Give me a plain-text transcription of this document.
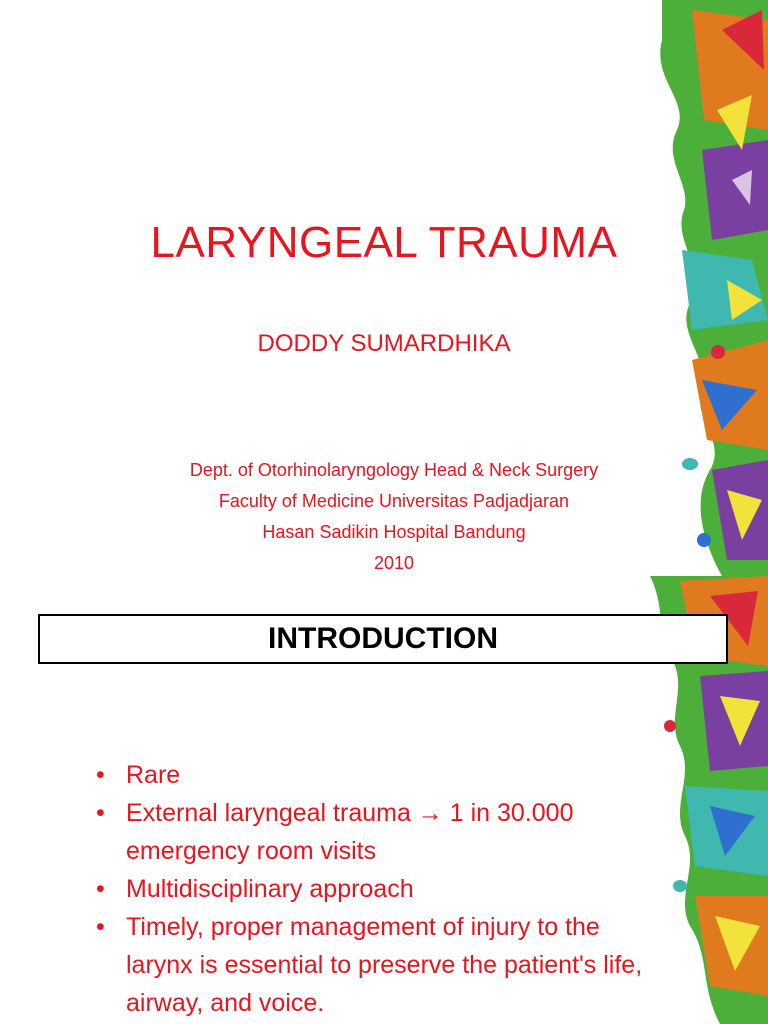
LARYNGEAL TRAUMA

DODDY SUMARDHIKA

Dept. of Otorhinolaryngology Head & Neck Surgery
Faculty of Medicine Universitas Padjadjaran
Hasan Sadikin Hospital Bandung
2010
INTRODUCTION
• Rare
• External laryngeal trauma → 1 in 30.000 emergency room visits
• Multidisciplinary approach
• Timely, proper management of injury to the larynx is essential to preserve the patient's life, airway, and voice.
•
